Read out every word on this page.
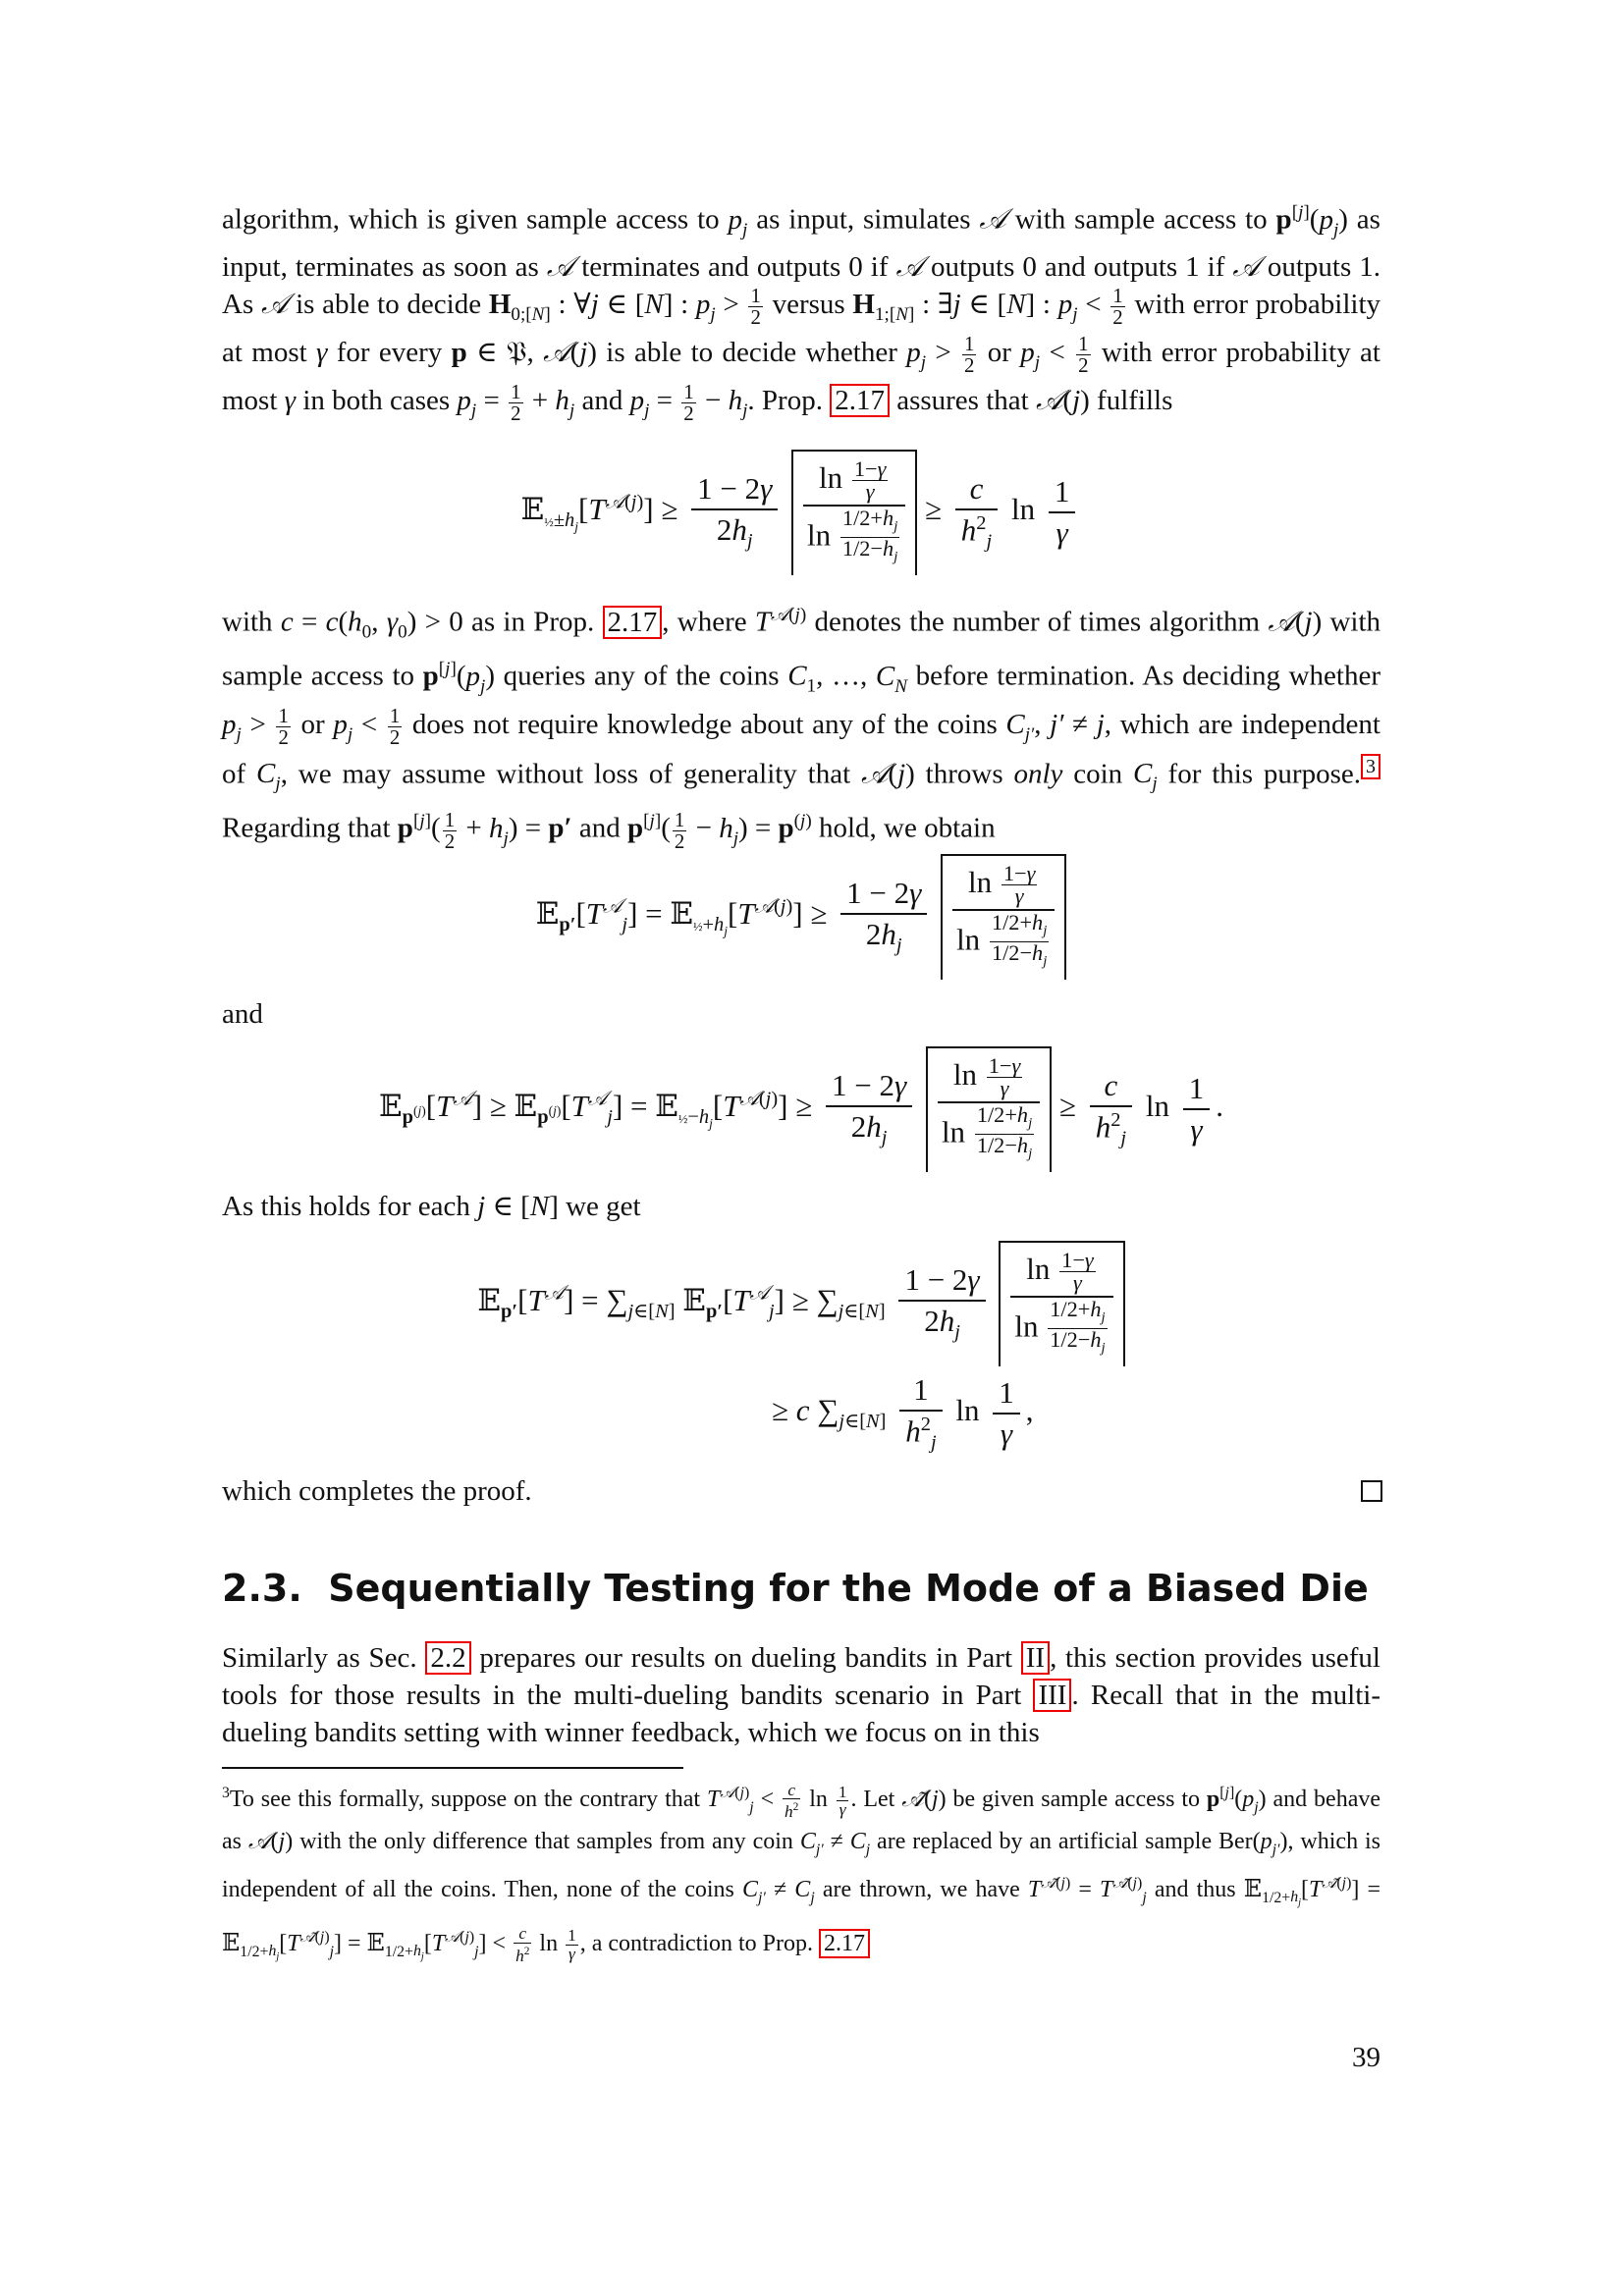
algorithm, which is given sample access to $p_j$ as input, simulates 𝒜 with sample access to $p[j](p_j)$ as input, terminates as soon as 𝒜 terminates and outputs 0 if 𝒜 outputs 0 and outputs 1 if 𝒜 outputs 1. As 𝒜 is able to decide $H_{0;[N]}$ : ∀j ∈ [N] : $p_j > \frac{1}{2}$ versus $H_{1;[N]}$ : ∃j ∈ [N] : $p_j < \frac{1}{2}$ with error probability at most γ for every p ∈ 𝔓, 𝒜(j) is able to decide whether $p_j > \frac{1}{2}$ or $p_j < \frac{1}{2}$ with error probability at most γ in both cases $p_j = \frac{1}{2} + h_j$ and $p_j = \frac{1}{2} - h_j$. Prop. 2.17 assures that 𝒜(j) fulfills

$𝔼_{\frac{1}{2}\pm h_j}[T^{𝒜(j)}] \ge \frac{1 - 2\gamma}{2h_j}$
$\frac{\ln \frac{1-\gamma}{\gamma}}{\ln \frac{1/2+h_j}{1/2-h_j}} \ge \frac{c}{h^2_j}$ $\ln \frac{1}{\gamma}$

with $c = c(h_0$, $\gamma_0) > 0$ as in Prop. 2.17 , where $T^{𝒜(j)}$ denotes the number of times algorithm 𝒜(j) with sample access to $p[j](p_j)$ queries any of the coins $C_1$, …, $C_N$ before termination. As deciding whether $p_j > \frac{1}{2}$ or $p_j < \frac{1}{2}$ does not require knowledge about any of the coins $C_{j'}$, j′ ≠ j, which are independent of $C_j$, we may assume without loss of generality that 𝒜(j) throws only coin $C_j$ for this purpose. 3 Regarding that $p[j]( \frac{1}{2} + h_j) = p'$ and $p[j]( \frac{1}{2} - h_j) = p^{(j)}$ hold, we obtain

$𝔼_{p'}[T^𝒜_j]$ = $𝔼_{\frac{1}{2}+h_j}[T^{𝒜(j)}] \ge \frac{1 - 2\gamma}{2h_j}$
$\frac{\ln \frac{1-\gamma}{\gamma}}{\ln \frac{1/2+h_j}{1/2-h_j}}$

and

$𝔼_{p^{(j)}}[T^𝒜]$ ≥ $𝔼_{p^{(j)}}[T^𝒜_j]$ = $𝔼_{\frac{1}{2}-h_j}[T^{𝒜(j)}] \ge \frac{1 - 2\gamma}{2h_j}$
$\frac{\ln \frac{1-\gamma}{\gamma}}{\ln \frac{1/2+h_j}{1/2-h_j}} \ge \frac{c}{h^2_j}$ $\ln \frac{1}{\gamma}$ .

As this holds for each j ∈ [N] we get

$𝔼_{p'}[T^𝒜] = \sum_{j\in[N]}$ $𝔼_{p'}[T^𝒜_j] \ge \sum_{j\in[N]} \frac{1 - 2\gamma}{2h_j}$
$\frac{\ln \frac{1-\gamma}{\gamma}}{\ln \frac{1/2+h_j}{1/2-h_j}}$
≥ c $\sum_{j\in[N]} \frac{1}{h^2_j}$ $\ln \frac{1}{\gamma}$ ,

which completes the proof.

2.3. Sequentially Testing for the Mode of a Biased Die

Similarly as Sec. 2.2 prepares our results on dueling bandits in Part II , this section provides useful tools for those results in the multi-dueling bandits scenario in Part III . Recall that in the multi-dueling bandits setting with winner feedback, which we focus on in this

$^3$To see this formally, suppose on the contrary that $T^{𝒜(j)}_j < \frac{c}{h^2}$ $\ln \frac{1}{\gamma}$ . Let 𝒜̃(j) be given sample access to $p[j](p_j)$ and behave as 𝒜(j) with the only difference that samples from any coin $C_{j'} \ne C_j$ are replaced by an artificial sample $Ber(p_{j'})$, which is independent of all the coins. Then, none of the coins $C_{j'} \ne C_j$ are thrown, we have $T^{𝒜̃(j)} = T^{𝒜̃(j)}_j$ and thus $𝔼_{1/2+h_j}[T^{𝒜̃(j)}]$ = $𝔼_{1/2+h_j}[T^{𝒜̃(j)}_j]$ = $𝔼_{1/2+h_j}[T^{𝒜(j)}_j] < \frac{c}{h^2}$ $\ln \frac{1}{\gamma}$ , a contradiction to Prop. 2.17

39
